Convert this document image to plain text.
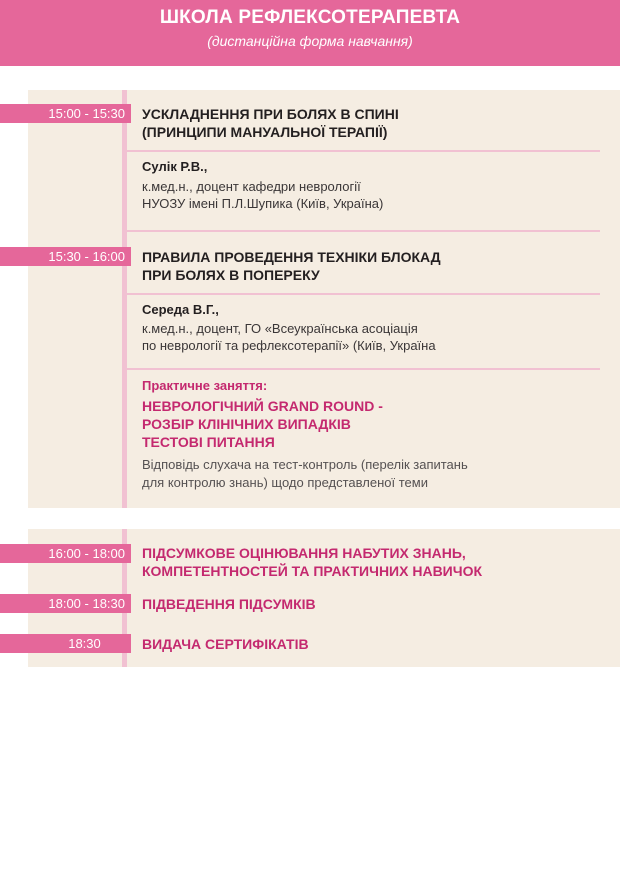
ШКОЛА РЕФЛЕКСОТЕРАПЕВТА
(дистанційна форма навчання)
15:00 - 15:30	УСКЛАДНЕННЯ ПРИ БОЛЯХ В СПИНІ
(ПРИНЦИПИ МАНУАЛЬНОЇ ТЕРАПІЇ)
Сулік Р.В.,
к.мед.н., доцент кафедри неврології
НУОЗУ імені П.Л.Шупика (Київ, Україна)
15:30 - 16:00	ПРАВИЛА ПРОВЕДЕННЯ ТЕХНІКИ БЛОКАД
ПРИ БОЛЯХ В ПОПЕРЕКУ
Середа В.Г.,
к.мед.н., доцент, ГО «Всеукраїнська асоціація
по неврології та рефлексотерапії» (Київ, Україна
Практичне заняття:
НЕВРОЛОГІЧНИЙ GRAND ROUND -
РОЗБІР КЛІНІЧНИХ ВИПАДКІВ
ТЕСТОВІ ПИТАННЯ
Відповідь слухача на тест-контроль (перелік запитань
для контролю знань) щодо представленої теми
16:00 - 18:00	ПІДСУМКОВЕ ОЦІНЮВАННЯ НАБУТИХ ЗНАНЬ,
КОМПЕТЕНТНОСТЕЙ ТА ПРАКТИЧНИХ НАВИЧОК
18:00 - 18:30	ПІДВЕДЕННЯ ПІДСУМКІВ
18:30	ВИДАЧА СЕРТИФІКАТІВ
